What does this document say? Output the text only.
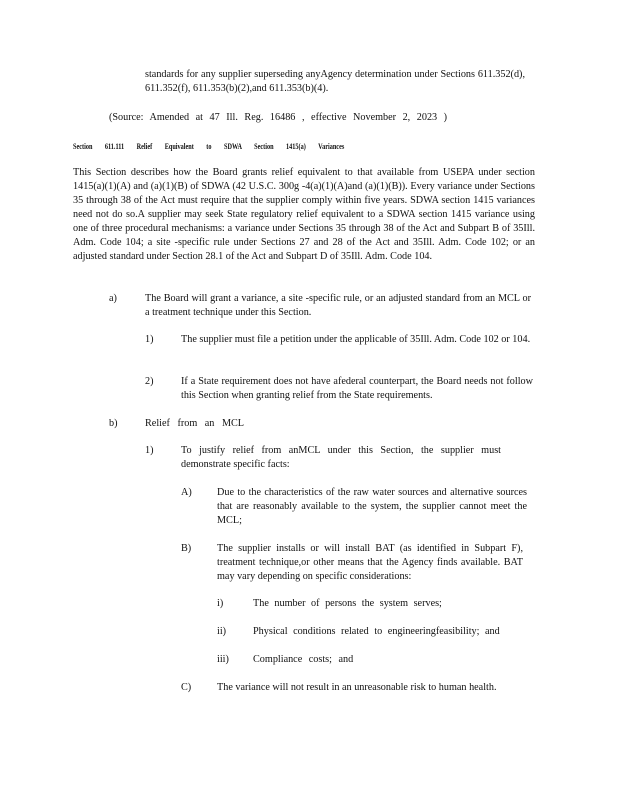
standards for any supplier superseding anyAgency determination under Sections 611.352(d), 611.352(f), 611.353(b)(2),and 611.353(b)(4).
(Source: Amended at 47 Ill. Reg. 16486 , effective November 2, 2023 )
Section 611.111 Relief Equivalent to SDWA Section 1415(a) Variances
This Section describes how the Board grants relief equivalent to that available from USEPA under section 1415(a)(1)(A) and (a)(1)(B) of SDWA (42 U.S.C. 300g -4(a)(1)(A)and (a)(1)(B)). Every variance under Sections 35 through 38 of the Act must require that the supplier comply within five years. SDWA section 1415 variances need not do so.A supplier may seek State regulatory relief equivalent to a SDWA section 1415 variance using one of three procedural mechanisms: a variance under Sections 35 through 38 of the Act and Subpart B of 35Ill. Adm. Code 104; a site -specific rule under Sections 27 and 28 of the Act and 35Ill. Adm. Code 102; or an adjusted standard under Section 28.1 of the Act and Subpart D of 35Ill. Adm. Code 104.
a)	The Board will grant a variance, a site -specific rule, or an adjusted standard from an MCL or a treatment technique under this Section.
1)	The supplier must file a petition under the applicable of 35Ill. Adm. Code 102 or 104.
2)	If a State requirement does not have afederal counterpart, the Board needs not follow this Section when granting relief from the State requirements.
b)	Relief from an MCL
1)	To justify relief from anMCL under this Section, the supplier must demonstrate specific facts:
A) Due to the characteristics of the raw water sources and alternative sources that are reasonably available to the system, the supplier cannot meet the MCL;
B)	The supplier installs or will install BAT (as identified in Subpart F), treatment technique,or other means that the Agency finds available. BAT may vary depending on specific considerations:
i)	The number of persons the system serves;
ii)	Physical conditions related to engineeringfeasibility; and
iii) Compliance costs; and
C)	The variance will not result in an unreasonable risk to human health.
